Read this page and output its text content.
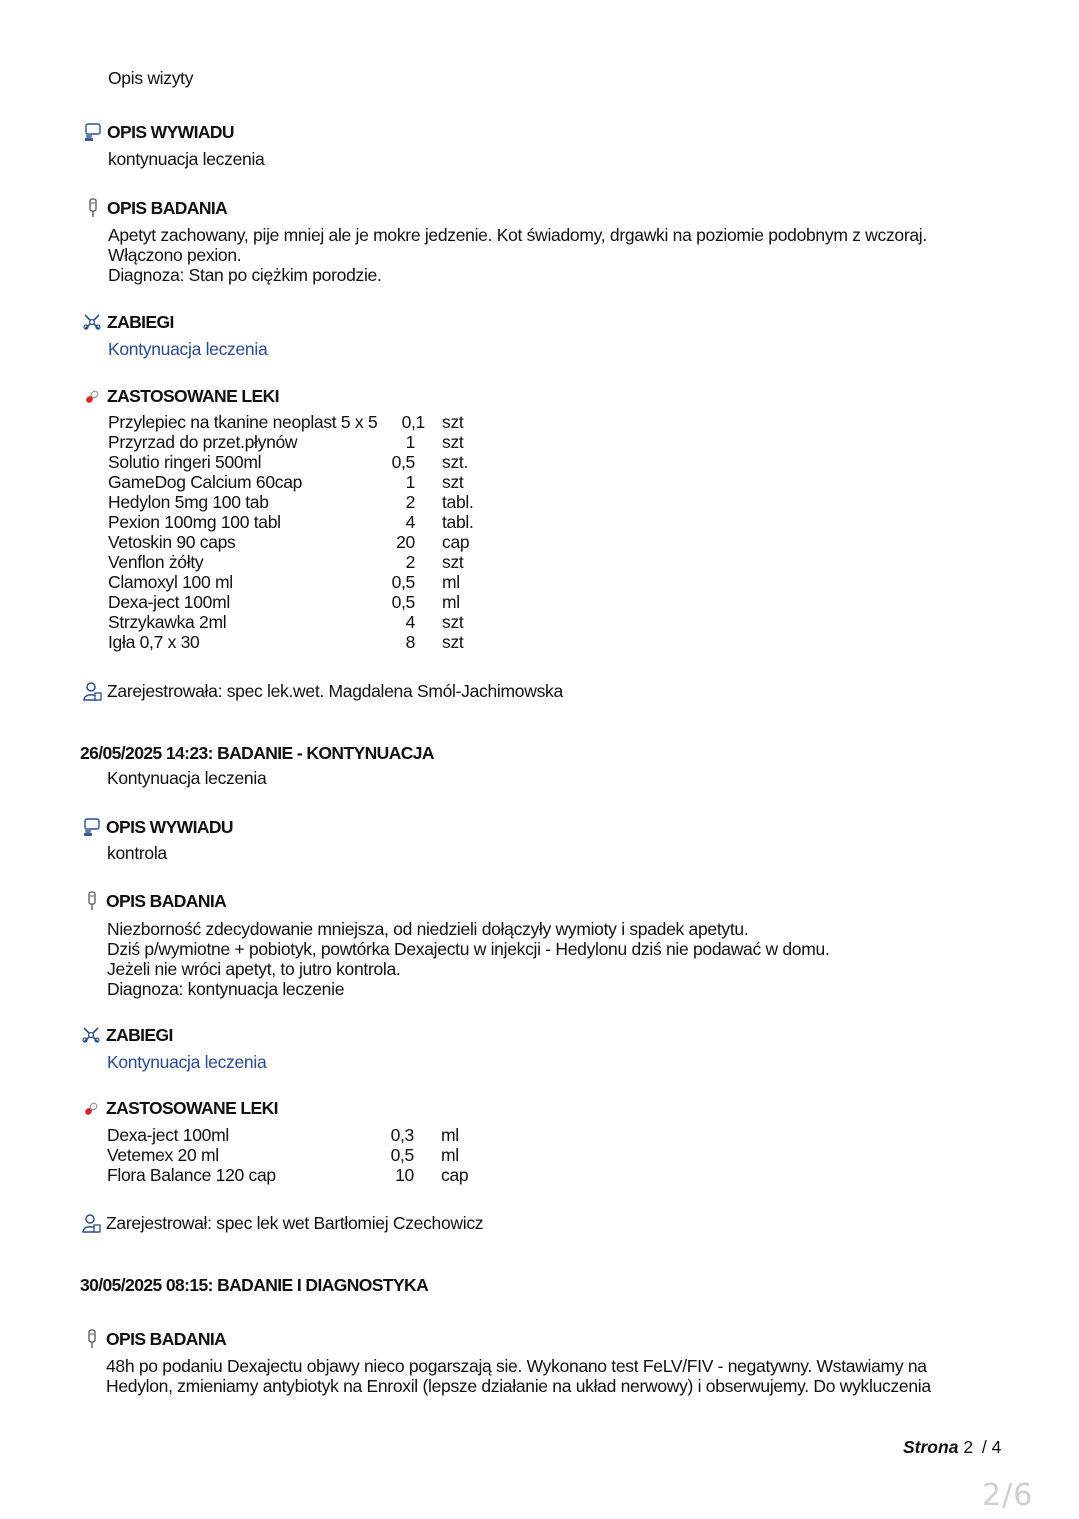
Opis wizyty
OPIS WYWIADU
kontynuacja leczenia
OPIS BADANIA
Apetyt zachowany, pije mniej ale je mokre jedzenie. Kot świadomy, drgawki na poziomie podobnym z wczoraj.
Włączono pexion.
Diagnoza: Stan po ciężkim porodzie.
ZABIEGI
Kontynuacja leczenia
ZASTOSOWANE LEKI
Przylepiec na tkanine neoplast 5 x 5	0,1 szt
Przyrzad do przet.płynów	1 szt
Solutio ringeri 500ml	0,5 szt.
GameDog Calcium 60cap	1 szt
Hedylon 5mg 100 tab	2 tabl.
Pexion 100mg 100 tabl	4 tabl.
Vetoskin 90 caps	20 cap
Venflon żółty	2 szt
Clamoxyl 100 ml	0,5 ml
Dexa-ject 100ml	0,5 ml
Strzykawka 2ml	4 szt
Igła 0,7 x 30	8 szt
Zarejestrowała: spec lek.wet. Magdalena Smól-Jachimowska
26/05/2025 14:23: BADANIE - KONTYNUACJA
Kontynuacja leczenia
OPIS WYWIADU
kontrola
OPIS BADANIA
Niezborność zdecydowanie mniejsza, od niedzieli dołączyły wymioty i spadek apetytu.
Dziś p/wymiotne + pobiotyk, powtórka Dexajectu w injekcji - Hedylonu dziś nie podawać w domu.
Jeżeli nie wróci apetyt, to jutro kontrola.
Diagnoza: kontynuacja leczenie
ZABIEGI
Kontynuacja leczenia
ZASTOSOWANE LEKI
Dexa-ject 100ml	0,3 ml
Vetemex 20 ml	0,5 ml
Flora Balance 120 cap	10 cap
Zarejestrował: spec lek wet Bartłomiej Czechowicz
30/05/2025 08:15: BADANIE I DIAGNOSTYKA
OPIS BADANIA
48h po podaniu Dexajectu objawy nieco pogarszają sie. Wykonano test FeLV/FIV - negatywny. Wstawiamy na
Hedylon, zmieniamy antybiotyk na Enroxil (lepsze działanie na układ nerwowy) i obserwujemy. Do wykluczenia
Strona 2 / 4
2/6
